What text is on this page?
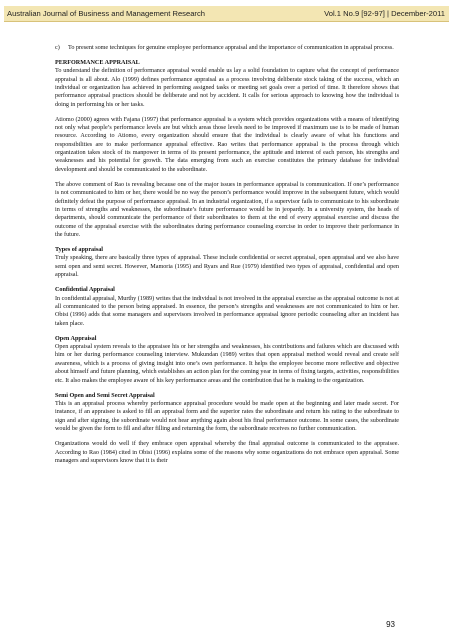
Australian Journal of Business and Management Research	Vol.1 No.9 [92-97] | December-2011
c)	To present some techniques for genuine employee performance appraisal and the importance of communication in appraisal process.

PERFORMANCE APPRAISAL

To understand the definition of performance appraisal would enable us lay a solid foundation to capture what the concept of performance appraisal is all about. Alo (1999) defines performance appraisal as a process involving deliberate stock taking of the success, which an individual or organization has achieved in performing assigned tasks or meeting set goals over a period of time. It therefore shows that performance appraisal practices should be deliberate and not by accident. It calls for serious approach to knowing how the individual is doing in performing his or her tasks.

Atiomo (2000) agrees with Fajana (1997) that performance appraisal is a system which provides organizations with a means of identifying not only what people’s performance levels are but which areas those levels need to be improved if maximum use is to be made of human resource. According to Atiomo, every organization should ensure that the individual is clearly aware of what his functions and responsibilities are to make performance appraisal effective. Rao writes that performance appraisal is the process through which organization takes stock of its manpower in terms of its present performance, the aptitude and interest of each person, his strengths and weaknesses and his potential for growth. The data emerging from such an exercise constitutes the primary database for individual development and should be communicated to the subordinate.

The above comment of Rao is revealing because one of the major issues in performance appraisal is communication. If one’s performance is not communicated to him or her, there would be no way the person’s performance would improve in the subsequent future, which would definitely defeat the purpose of performance appraisal. In an industrial organization, if a supervisor fails to communicate to his subordinate in terms of strengths and weaknesses, the subordinate’s future performance would be in jeopardy. In a university system, the heads of departments, should communicate the performance of their subordinates to them at the end of every appraisal exercise and discuss the outcome of the appraisal exercise with the subordinates during performance counseling exercise in order to improve their performance in the future.

Types of appraisal

Truly speaking, there are basically three types of appraisal. These include confidential or secret appraisal, open appraisal and we also have semi open and semi secret. However, Mamoria (1995) and Ryars and Rue (1979) identified two types of appraisal, confidential and open appraisal.

Confidential Appraisal

In confidential appraisal, Murthy (1989) writes that the individual is not involved in the appraisal exercise as the appraisal outcome is not at all communicated to the person being appraised. In essence, the person’s strengths and weaknesses are not communicated to him or her. Obisi (1996) adds that some managers and supervisors involved in performance appraisal ignore periodic counseling after an incident has taken place.

Open Appraisal

Open appraisal system reveals to the appraisee his or her strengths and weaknesses, his contributions and failures which are discussed with him or her during performance counseling interview. Mukundan (1989) writes that open appraisal method would reveal and create self awareness, which is a process of giving insight into one’s own performance. It helps the employee become more reflective and objective about himself and future planning, which establishes an action plan for the coming year in terms of fixing targets, activities, responsibilities etc. It also makes the employee aware of his key performance areas and the contribution that he is making to the organization.

Semi Open and Semi Secret Appraisal

This is an appraisal process whereby performance appraisal procedure would be made open at the beginning and later made secret. For instance, if an appraisee is asked to fill an appraisal form and the superior rates the subordinate and return his rating to the subordinate to sign and after signing, the subordinate would not hear anything again about his final performance outcome. In some cases, the subordinate would be given the form to fill and after filling and returning the form, the subordinate receives no further communication.

Organizations would do well if they embrace open appraisal whereby the final appraisal outcome is communicated to the appraisee. According to Rao (1984) cited in Obisi (1996) explains some of the reasons why some organizations do not embrace open appraisal. Some managers and supervisors know that it is their

93
